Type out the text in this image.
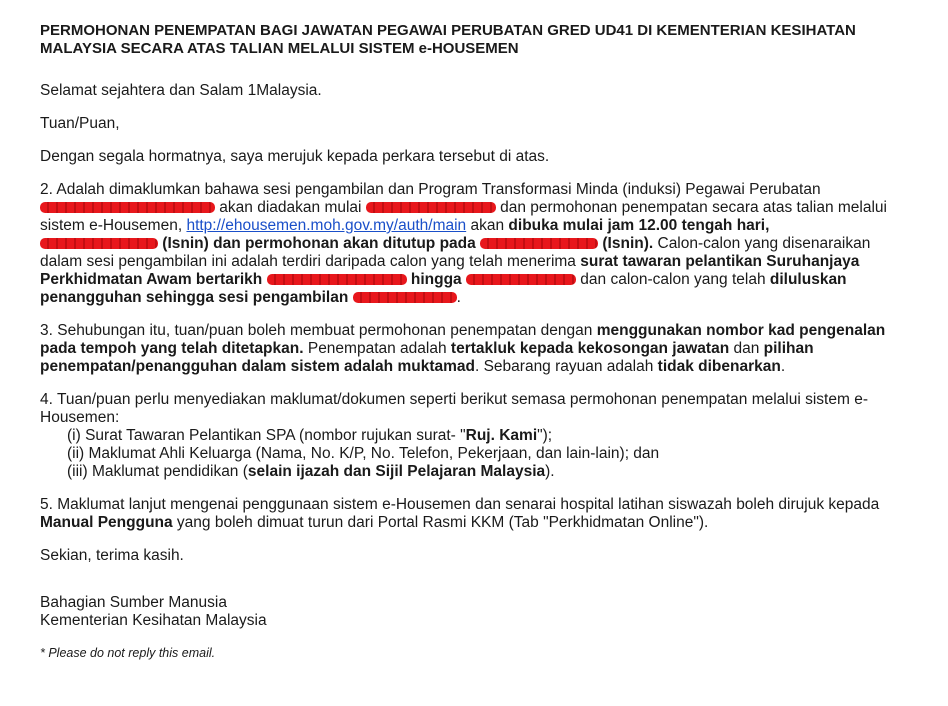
PERMOHONAN PENEMPATAN BAGI JAWATAN PEGAWAI PERUBATAN GRED UD41 DI KEMENTERIAN KESIHATAN MALAYSIA SECARA ATAS TALIAN MELALUI SISTEM e-HOUSEMEN

Selamat sejahtera dan Salam 1Malaysia.

Tuan/Puan,

Dengan segala hormatnya, saya merujuk kepada perkara tersebut di atas.

2. Adalah dimaklumkan bahawa sesi pengambilan dan Program Transformasi Minda (induksi) Pegawai Perubatan  akan diadakan mulai	dan permohonan penempatan secara atas talian melalui sistem e-Housemen, http://ehousemen.moh.gov.my/auth/main akan dibuka mulai jam 12.00 tengah hari,
(Isnin) dan permohonan akan ditutup pada	(Isnin). Calon-calon yang disenaraikan dalam sesi pengambilan ini adalah terdiri daripada calon yang telah menerima surat tawaran pelantikan Suruhanjaya Perkhidmatan Awam bertarikh	hingga	dan calon-calon yang telah diluluskan penangguhan sehingga sesi pengambilan	.

3. Sehubungan itu, tuan/puan boleh membuat permohonan penempatan dengan menggunakan nombor kad pengenalan pada tempoh yang telah ditetapkan. Penempatan adalah tertakluk kepada kekosongan jawatan dan pilihan penempatan/penangguhan dalam sistem adalah muktamad. Sebarang rayuan adalah tidak dibenarkan.

4. Tuan/puan perlu menyediakan maklumat/dokumen seperti berikut semasa permohonan penempatan melalui sistem e-Housemen:
(i) Surat Tawaran Pelantikan SPA (nombor rujukan surat- "Ruj. Kami");
(ii) Maklumat Ahli Keluarga (Nama, No. K/P, No. Telefon, Pekerjaan, dan lain-lain); dan
(iii) Maklumat pendidikan (selain ijazah dan Sijil Pelajaran Malaysia).

5. Maklumat lanjut mengenai penggunaan sistem e-Housemen dan senarai hospital latihan siswazah boleh dirujuk kepada Manual Pengguna yang boleh dimuat turun dari Portal Rasmi KKM (Tab "Perkhidmatan Online").

Sekian, terima kasih.

Bahagian Sumber Manusia
Kementerian Kesihatan Malaysia
* Please do not reply this email.
